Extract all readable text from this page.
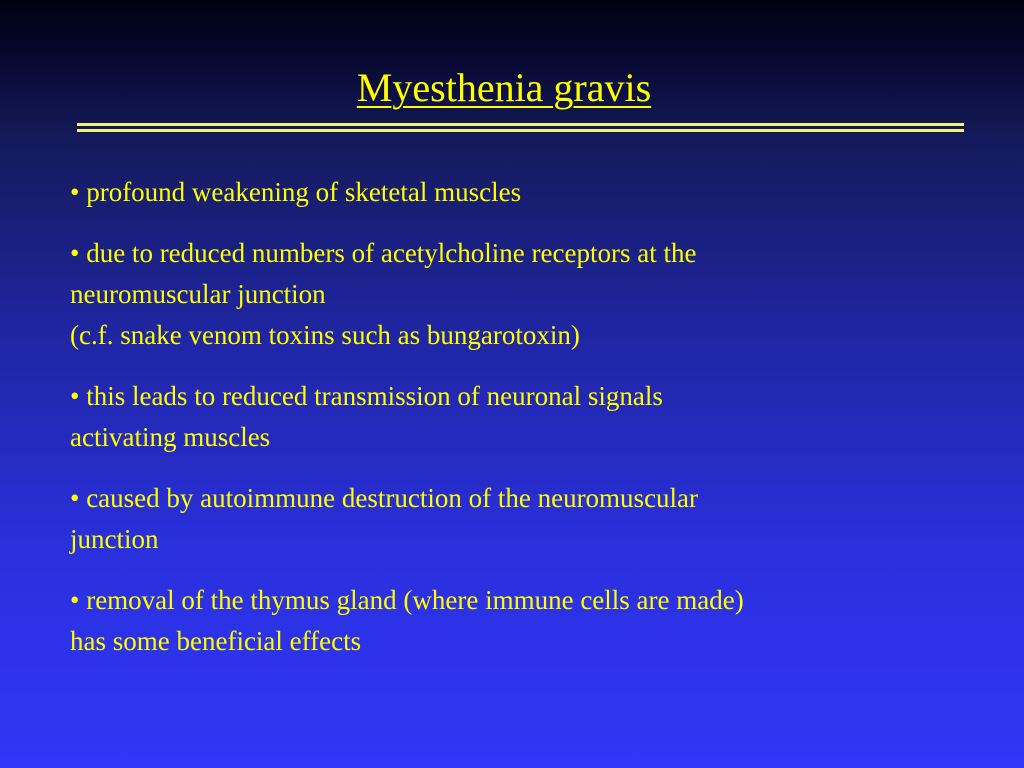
Myesthenia gravis
• profound weakening of sketetal muscles
• due to reduced numbers of acetylcholine receptors at the
neuromuscular junction
(c.f. snake venom toxins such as bungarotoxin)
• this leads to reduced transmission of neuronal signals
activating muscles
• caused by autoimmune destruction of the neuromuscular
junction
• removal of the thymus gland (where immune cells are made)
has some beneficial effects
